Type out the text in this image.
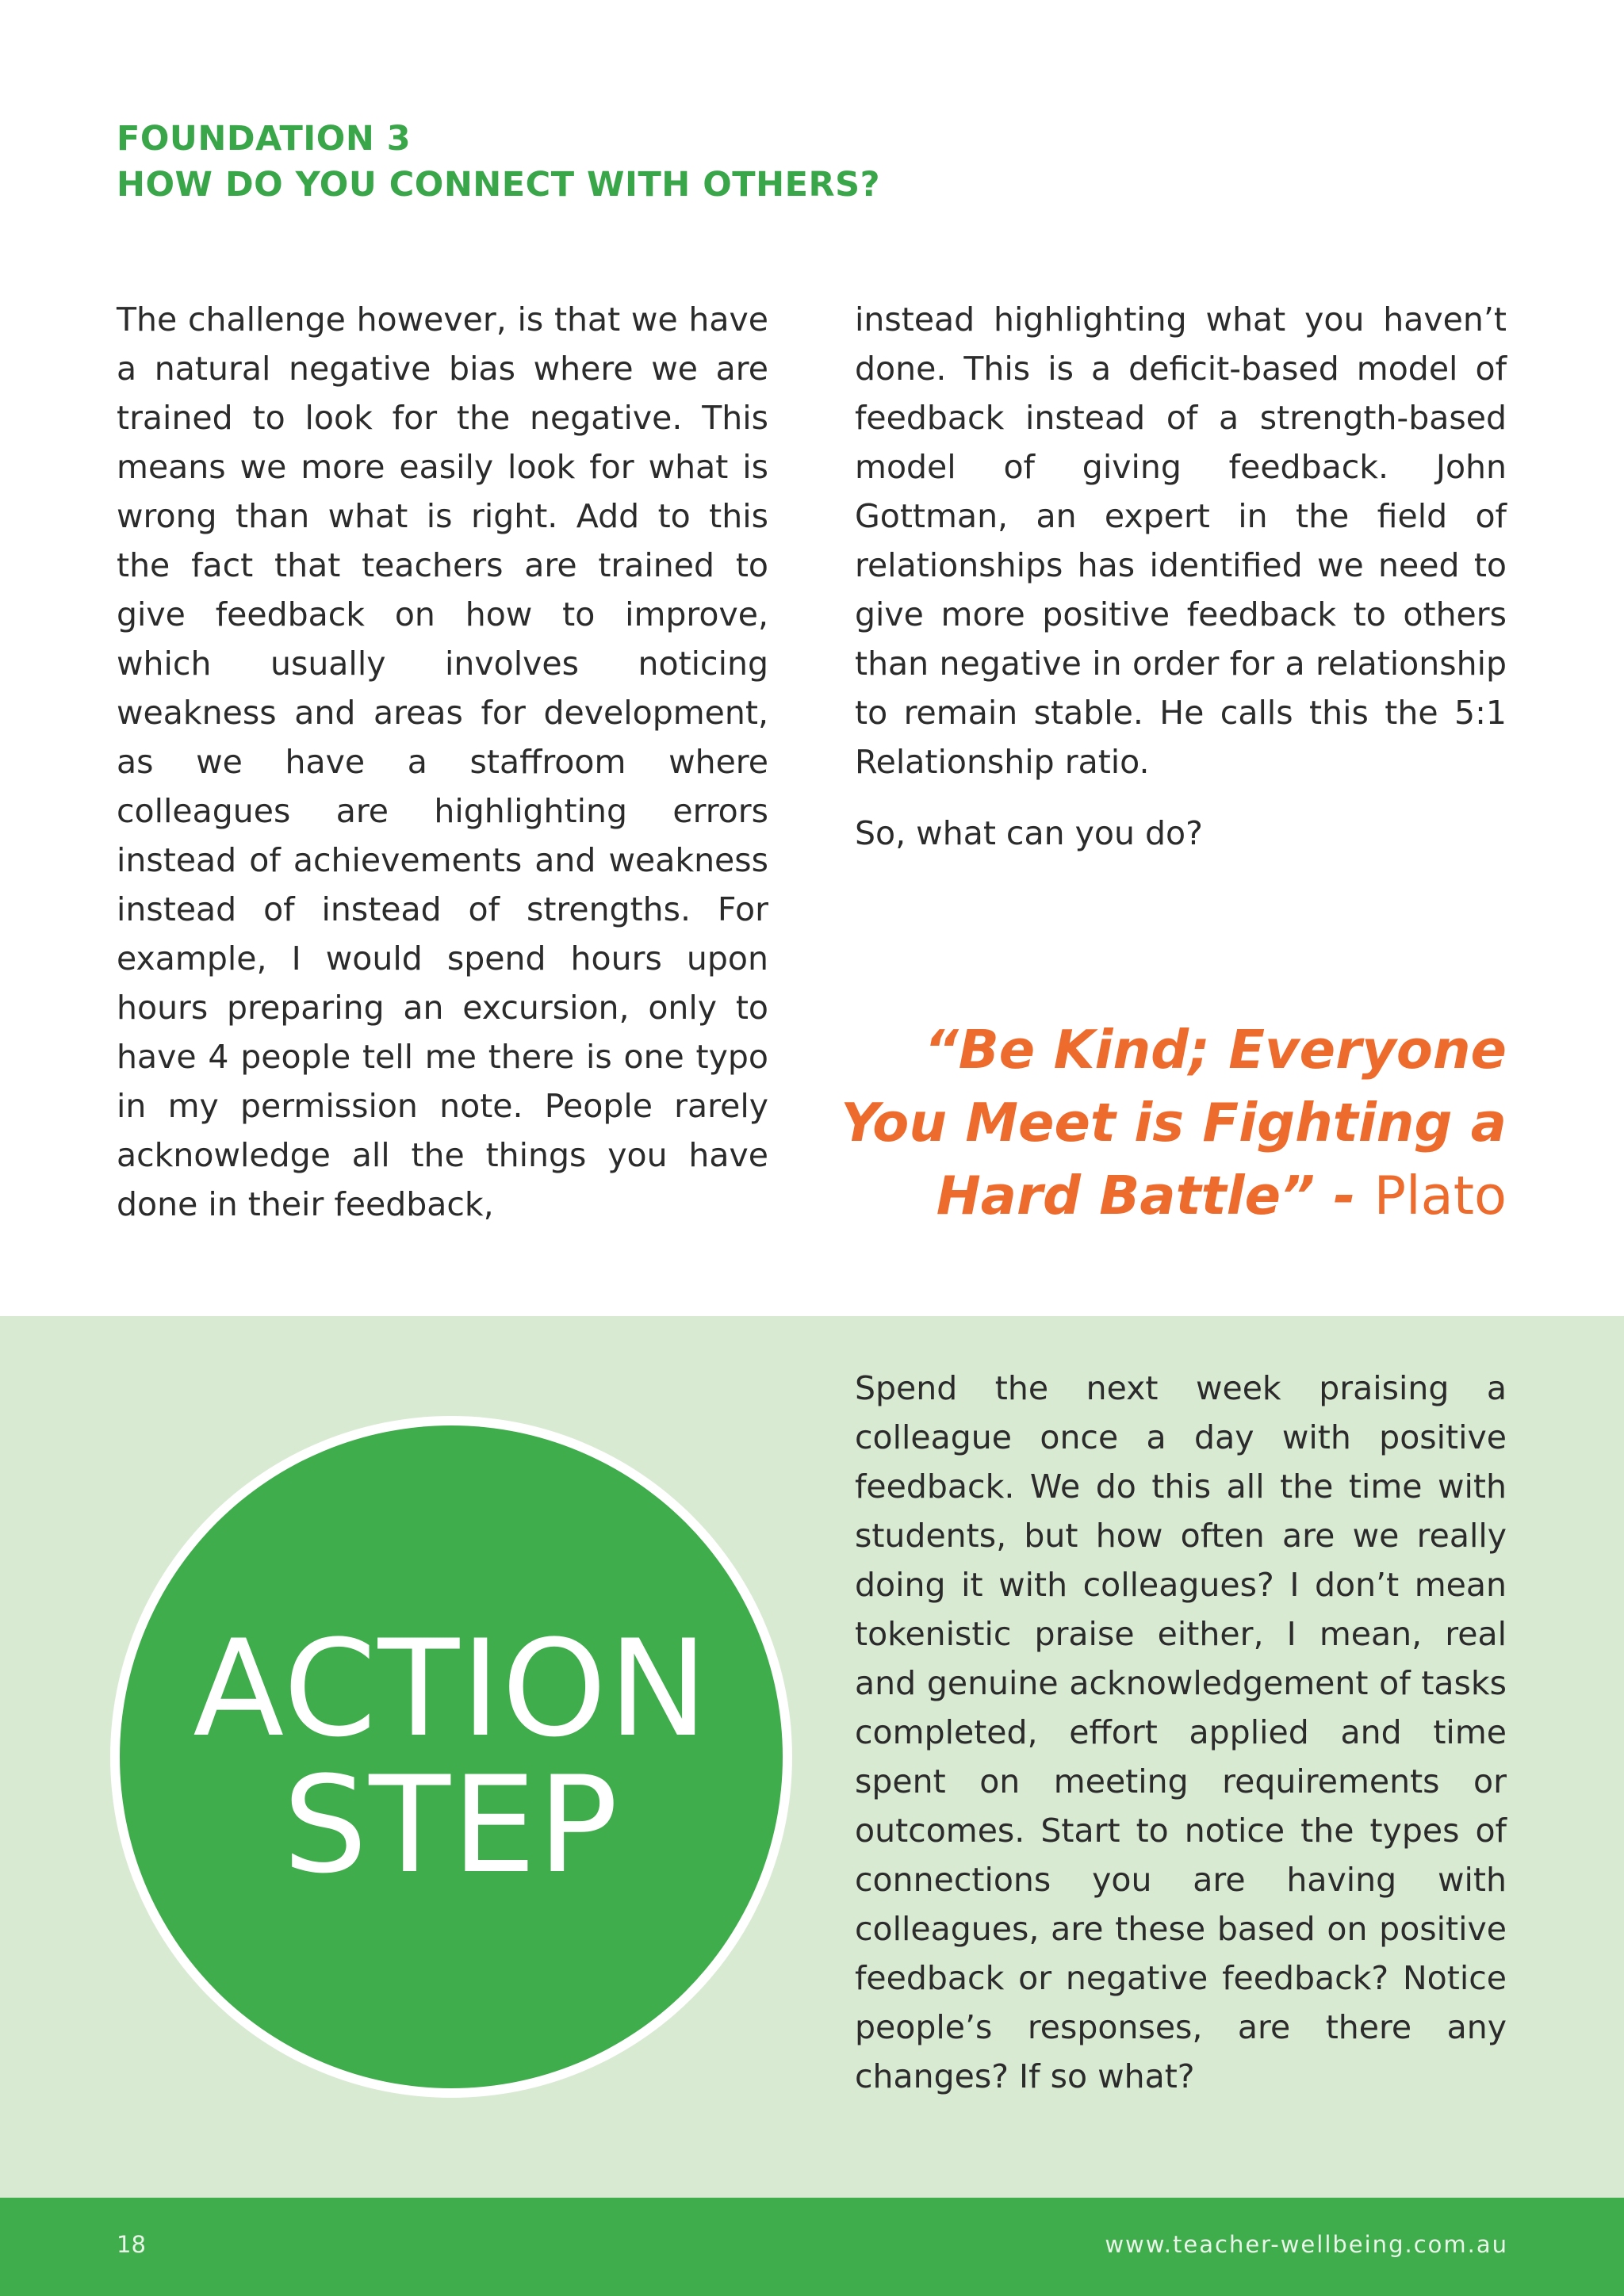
FOUNDATION 3
HOW DO YOU CONNECT WITH OTHERS?

The challenge however, is that we have a natural negative bias where we are trained to look for the negative. This means we more easily look for what is wrong than what is right. Add to this the fact that teachers are trained to give feedback on how to improve, which usually involves noticing weakness and areas for development, as we have a staffroom where colleagues are highlighting errors instead of achievements and weakness instead of instead of strengths. For example, I would spend hours upon hours preparing an excursion, only to have 4 people tell me there is one typo in my permission note. People rarely acknowledge all the things you have done in their feedback,

instead highlighting what you haven’t done. This is a deficit-based model of feedback instead of a strength-based model of giving feedback. John Gottman, an expert in the field of relationships has identified we need to give more positive feedback to others than negative in order for a relationship to remain stable. He calls this the 5:1 Relationship ratio.

So, what can you do?

“Be Kind; Everyone You Meet is Fighting a Hard Battle” - Plato
ACTION
STEP
Spend the next week praising a colleague once a day with positive feedback. We do this all the time with students, but how often are we really doing it with colleagues? I don’t mean tokenistic praise either, I mean, real and genuine acknowledgement of tasks completed, effort applied and time spent on meeting requirements or outcomes. Start to notice the types of connections you are having with colleagues, are these based on positive feedback or negative feedback? Notice people’s responses, are there any changes? If so what?
18	www.teacher-wellbeing.com.au
